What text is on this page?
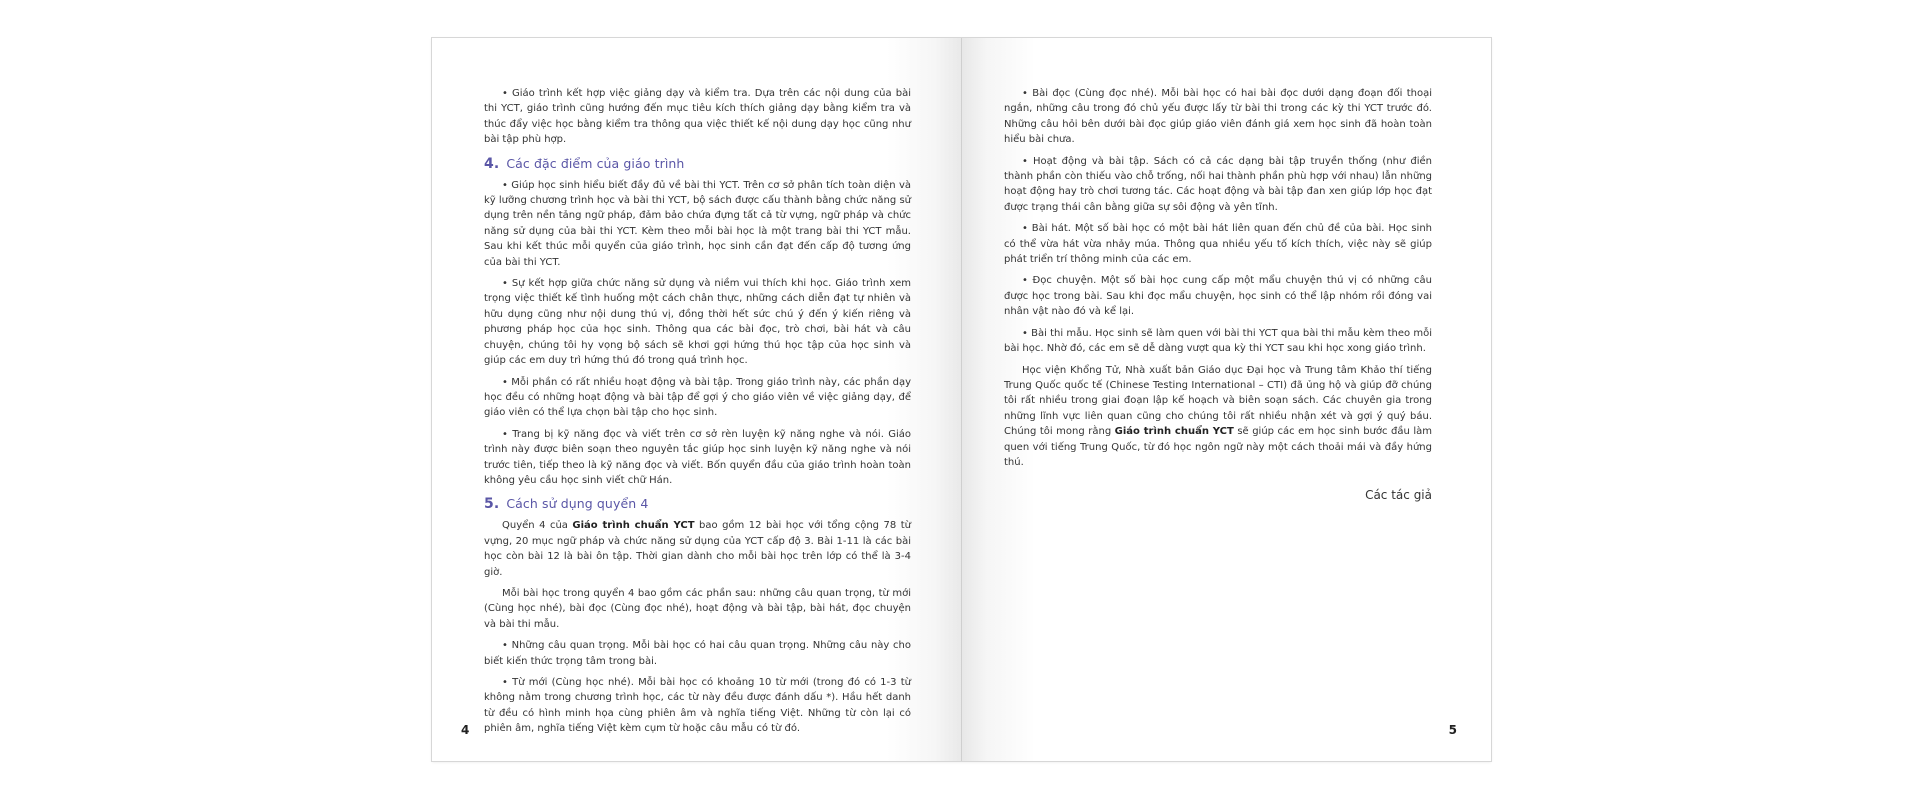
• Giáo trình kết hợp việc giảng dạy và kiểm tra. Dựa trên các nội dung của bài thi YCT, giáo trình cũng hướng đến mục tiêu kích thích giảng dạy bằng kiểm tra và thúc đẩy việc học bằng kiểm tra thông qua việc thiết kế nội dung dạy học cũng như bài tập phù hợp.

4. Các đặc điểm của giáo trình

• Giúp học sinh hiểu biết đầy đủ về bài thi YCT. Trên cơ sở phân tích toàn diện và kỹ lưỡng chương trình học và bài thi YCT, bộ sách được cấu thành bằng chức năng sử dụng trên nền tảng ngữ pháp, đảm bảo chứa đựng tất cả từ vựng, ngữ pháp và chức năng sử dụng của bài thi YCT. Kèm theo mỗi bài học là một trang bài thi YCT mẫu. Sau khi kết thúc mỗi quyển của giáo trình, học sinh cần đạt đến cấp độ tương ứng của bài thi YCT.

• Sự kết hợp giữa chức năng sử dụng và niềm vui thích khi học. Giáo trình xem trọng việc thiết kế tình huống một cách chân thực, những cách diễn đạt tự nhiên và hữu dụng cũng như nội dung thú vị, đồng thời hết sức chú ý đến ý kiến riêng và phương pháp học của học sinh. Thông qua các bài đọc, trò chơi, bài hát và câu chuyện, chúng tôi hy vọng bộ sách sẽ khơi gợi hứng thú học tập của học sinh và giúp các em duy trì hứng thú đó trong quá trình học.

• Mỗi phần có rất nhiều hoạt động và bài tập. Trong giáo trình này, các phần dạy học đều có những hoạt động và bài tập để gợi ý cho giáo viên về việc giảng dạy, để giáo viên có thể lựa chọn bài tập cho học sinh.

• Trang bị kỹ năng đọc và viết trên cơ sở rèn luyện kỹ năng nghe và nói. Giáo trình này được biên soạn theo nguyên tắc giúp học sinh luyện kỹ năng nghe và nói trước tiên, tiếp theo là kỹ năng đọc và viết. Bốn quyển đầu của giáo trình hoàn toàn không yêu cầu học sinh viết chữ Hán.

5. Cách sử dụng quyển 4

Quyển 4 của Giáo trình chuẩn YCT bao gồm 12 bài học với tổng cộng 78 từ vựng, 20 mục ngữ pháp và chức năng sử dụng của YCT cấp độ 3. Bài 1-11 là các bài học còn bài 12 là bài ôn tập. Thời gian dành cho mỗi bài học trên lớp có thể là 3-4 giờ.

Mỗi bài học trong quyển 4 bao gồm các phần sau: những câu quan trọng, từ mới (Cùng học nhé), bài đọc (Cùng đọc nhé), hoạt động và bài tập, bài hát, đọc chuyện và bài thi mẫu.

• Những câu quan trọng. Mỗi bài học có hai câu quan trọng. Những câu này cho biết kiến thức trọng tâm trong bài.

• Từ mới (Cùng học nhé). Mỗi bài học có khoảng 10 từ mới (trong đó có 1-3 từ không nằm trong chương trình học, các từ này đều được đánh dấu *). Hầu hết danh từ đều có hình minh họa cùng phiên âm và nghĩa tiếng Việt. Những từ còn lại có phiên âm, nghĩa tiếng Việt kèm cụm từ hoặc câu mẫu có từ đó.

4

• Bài đọc (Cùng đọc nhé). Mỗi bài học có hai bài đọc dưới dạng đoạn đối thoại ngắn, những câu trong đó chủ yếu được lấy từ bài thi trong các kỳ thi YCT trước đó. Những câu hỏi bên dưới bài đọc giúp giáo viên đánh giá xem học sinh đã hoàn toàn hiểu bài chưa.

• Hoạt động và bài tập. Sách có cả các dạng bài tập truyền thống (như điền thành phần còn thiếu vào chỗ trống, nối hai thành phần phù hợp với nhau) lẫn những hoạt động hay trò chơi tương tác. Các hoạt động và bài tập đan xen giúp lớp học đạt được trạng thái cân bằng giữa sự sôi động và yên tĩnh.

• Bài hát. Một số bài học có một bài hát liên quan đến chủ đề của bài. Học sinh có thể vừa hát vừa nhảy múa. Thông qua nhiều yếu tố kích thích, việc này sẽ giúp phát triển trí thông minh của các em.

• Đọc chuyện. Một số bài học cung cấp một mẩu chuyện thú vị có những câu được học trong bài. Sau khi đọc mẩu chuyện, học sinh có thể lập nhóm rồi đóng vai nhân vật nào đó và kể lại.

• Bài thi mẫu. Học sinh sẽ làm quen với bài thi YCT qua bài thi mẫu kèm theo mỗi bài học. Nhờ đó, các em sẽ dễ dàng vượt qua kỳ thi YCT sau khi học xong giáo trình.

Học viện Khổng Tử, Nhà xuất bản Giáo dục Đại học và Trung tâm Khảo thí tiếng Trung Quốc quốc tế (Chinese Testing International – CTI) đã ủng hộ và giúp đỡ chúng tôi rất nhiều trong giai đoạn lập kế hoạch và biên soạn sách. Các chuyên gia trong những lĩnh vực liên quan cũng cho chúng tôi rất nhiều nhận xét và gợi ý quý báu. Chúng tôi mong rằng Giáo trình chuẩn YCT sẽ giúp các em học sinh bước đầu làm quen với tiếng Trung Quốc, từ đó học ngôn ngữ này một cách thoải mái và đầy hứng thú.

Các tác giả
5
